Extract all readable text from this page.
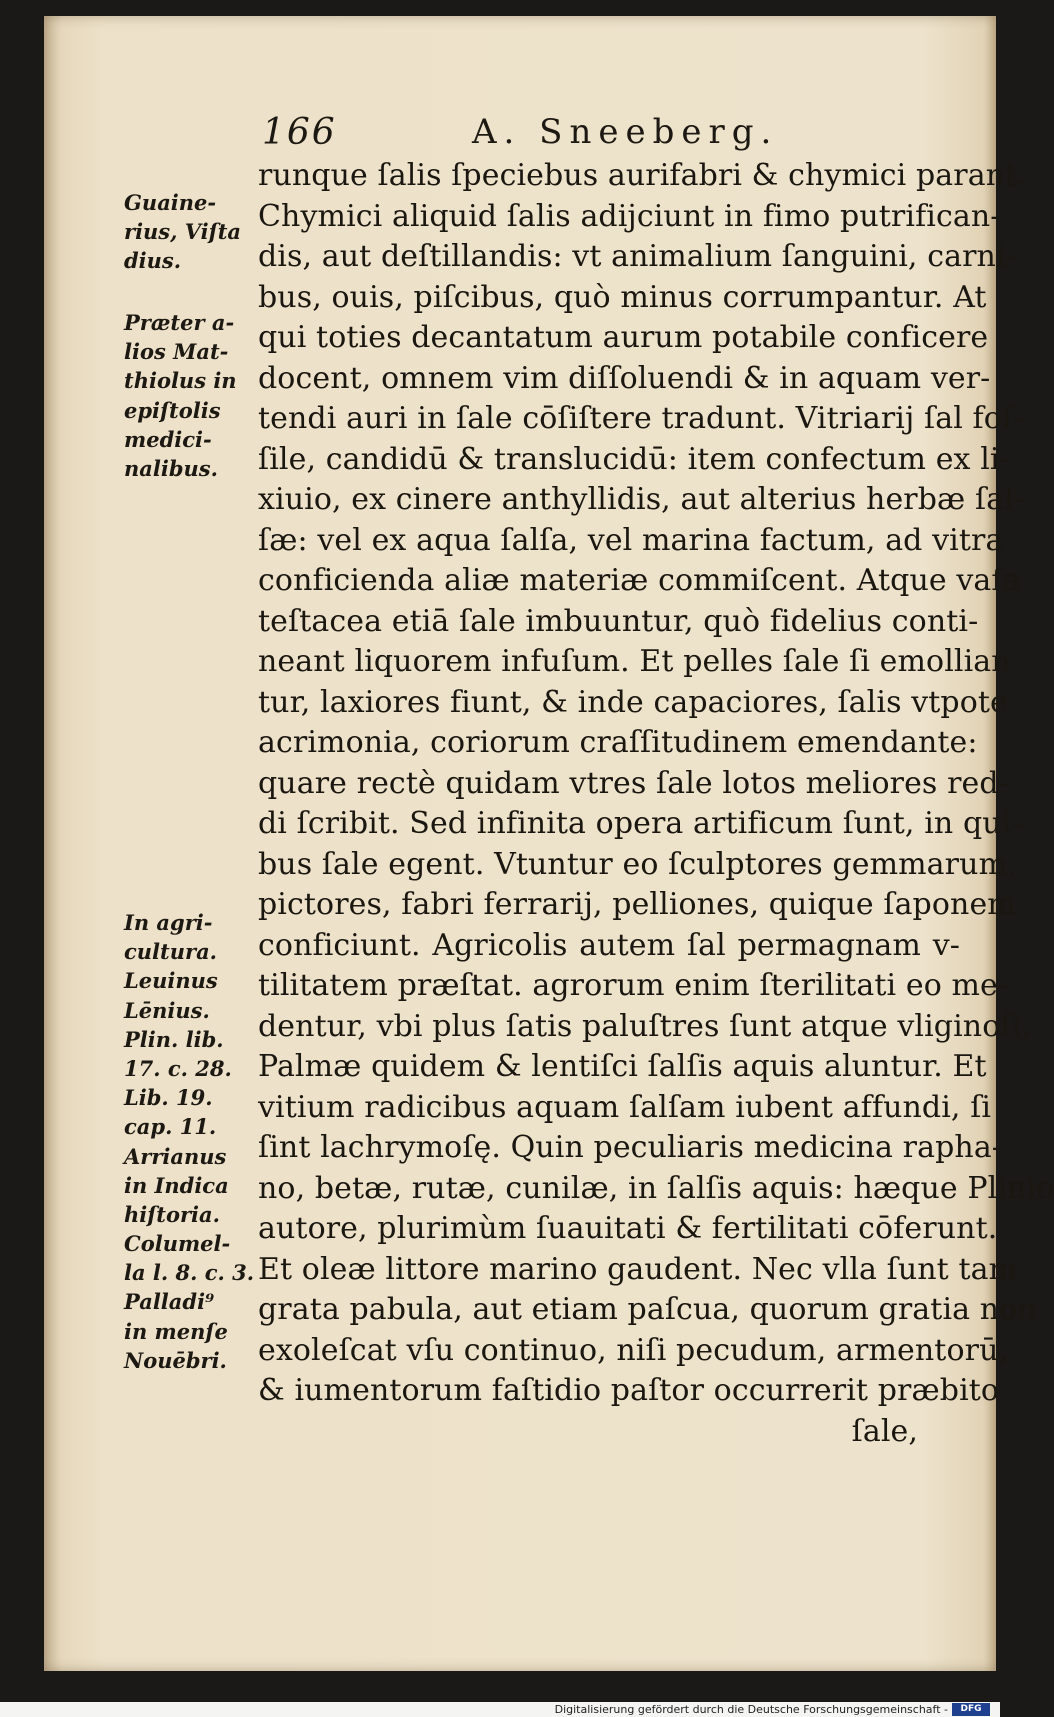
166	A. Sneeberg.
runque ſalis ſpeciebus aurifabri & chymici parant.
Chymici aliquid ſalis adijciunt in fimo putrifican-
dis, aut deſtillandis: vt animalium ſanguini, carni-
bus, ouis, piſcibus, quò minus corrumpantur. At
qui toties decantatum aurum potabile conficere
docent, omnem vim diſſoluendi & in aquam ver-
tendi auri in ſale cōſiſtere tradunt. Vitriarij ſal foſ-
ſile, candidū & translucidū: item confectum ex li-
xiuio, ex cinere anthyllidis, aut alterius herbæ ſal-
ſæ: vel ex aqua ſalſa, vel marina factum, ad vitra
conficienda aliæ materiæ commiſcent. Atque vaſa
teſtacea etiā ſale imbuuntur, quò fidelius conti-
neant liquorem infuſum. Et pelles ſale ſi emollian
tur, laxiores fiunt, & inde capaciores, ſalis vtpote
acrimonia, coriorum craſſitudinem emendante:
quare rectè quidam vtres ſale lotos meliores red-
di ſcribit. Sed infinita opera artificum ſunt, in qui-
bus ſale egent. Vtuntur eo ſculptores gemmarum,
pictores, fabri ferrarij, pelliones, quique ſaponem
conficiunt. Agricolis autem ſal permagnam v-
tilitatem præſtat. agrorum enim ſterilitati eo me-
dentur, vbi plus ſatis paluſtres ſunt atque vliginoſi.
Palmæ quidem & lentiſci ſalſis aquis aluntur. Et
vitium radicibus aquam ſalſam iubent affundi, ſi
ſint lachrymoſę. Quin peculiaris medicina rapha-
no, betæ, rutæ, cunilæ, in ſalſis aquis: hæque Plinio
autore, plurimùm ſuauitati & fertilitati cōferunt.
Et oleæ littore marino gaudent. Nec vlla ſunt tam
grata pabula, aut etiam paſcua, quorum gratia non
exoleſcat vſu continuo, niſi pecudum, armentorū,
& iumentorum faſtidio paſtor occurrerit præbito
ſale,
Guaine-
rius, Viſta
dius.
Præter a-
lios Mat-
thiolus in
epiſtolis
medici-
nalibus.
In agri-
cultura.
Leuinus
Lēnius.
Plin. lib.
17. c. 28.
Lib. 19.
cap. 11.
Arrianus
in Indica
hiſtoria.
Columel-
la l. 8. c. 3.
Palladi⁹
in menſe
Nouēbri.
Digitalisierung gefördert durch die Deutsche Forschungsgemeinschaft -	DFG
